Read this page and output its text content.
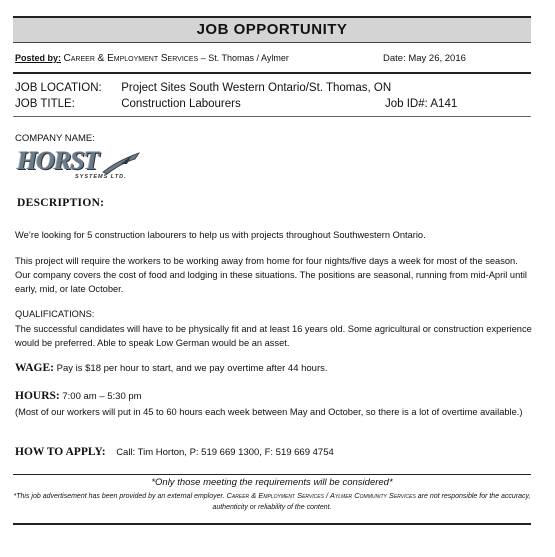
JOB OPPORTUNITY
Posted by: Career & Employment Services – St. Thomas / Aylmer	Date: May 26, 2016
JOB LOCATION: Project Sites South Western Ontario/St. Thomas, ON
JOB TITLE:	Construction Labourers	Job ID#: A141
COMPANY NAME:
HORST
SYSTEMS LTD.
DESCRIPTION:

We’re looking for 5 construction labourers to help us with projects throughout Southwestern Ontario.

This project will require the workers to be working away from home for four nights/five days a week for most of the season. Our company covers the cost of food and lodging in these situations. The positions are seasonal, running from mid-April until early, mid, or late October.

QUALIFICATIONS:

The successful candidates will have to be physically fit and at least 16 years old. Some agricultural or construction experience would be preferred. Able to speak Low German would be an asset.

WAGE: Pay is $18 per hour to start, and we pay overtime after 44 hours.
HOURS: 7:00 am – 5:30 pm

(Most of our workers will put in 45 to 60 hours each week between May and October, so there is a lot of overtime available.)

HOW TO APPLY: Call: Tim Horton, P: 519 669 1300, F: 519 669 4754
*Only those meeting the requirements will be considered*

*This job advertisement has been provided by an external employer. Career & Employment Services / Aylmer Community Services are not responsible for the accuracy, authenticity or reliability of the content.
